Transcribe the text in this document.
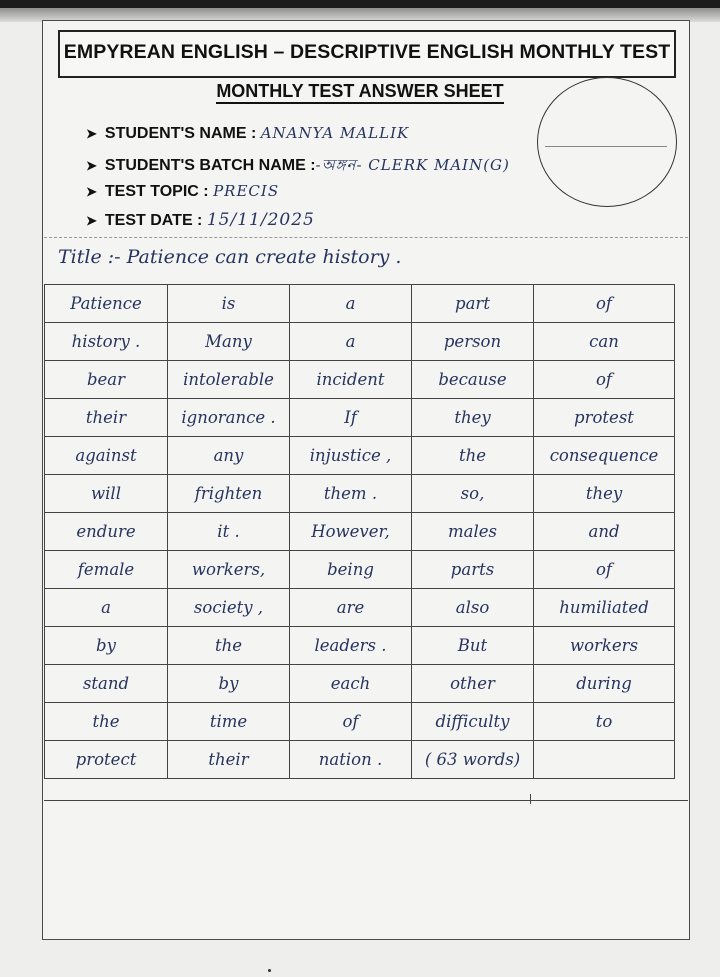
EMPYREAN ENGLISH – DESCRIPTIVE ENGLISH MONTHLY TEST
MONTHLY TEST ANSWER SHEET
➤ STUDENT'S NAME : ANANYA MALLIK
➤ STUDENT'S BATCH NAME :-অঙ্গন- CLERK MAIN(G)
➤ TEST TOPIC : PRECIS
➤ TEST DATE : 15/11/2025
Title :- Patience can create history .
Patience	is	a	part	of
history .	Many	a	person	can
bear	intolerable	incident	because	of
their	ignorance .	If	they	protest
against	any	injustice ,	the	consequence
will	frighten	them .	so,	they
endure	it .	However,	males	and
female	workers,	being	parts	of
a	society ,	are	also	humiliated
by	the	leaders .	But	workers
stand	by	each	other	during
the	time	of	difficulty	to
protect	their	nation .	( 63 words)	
